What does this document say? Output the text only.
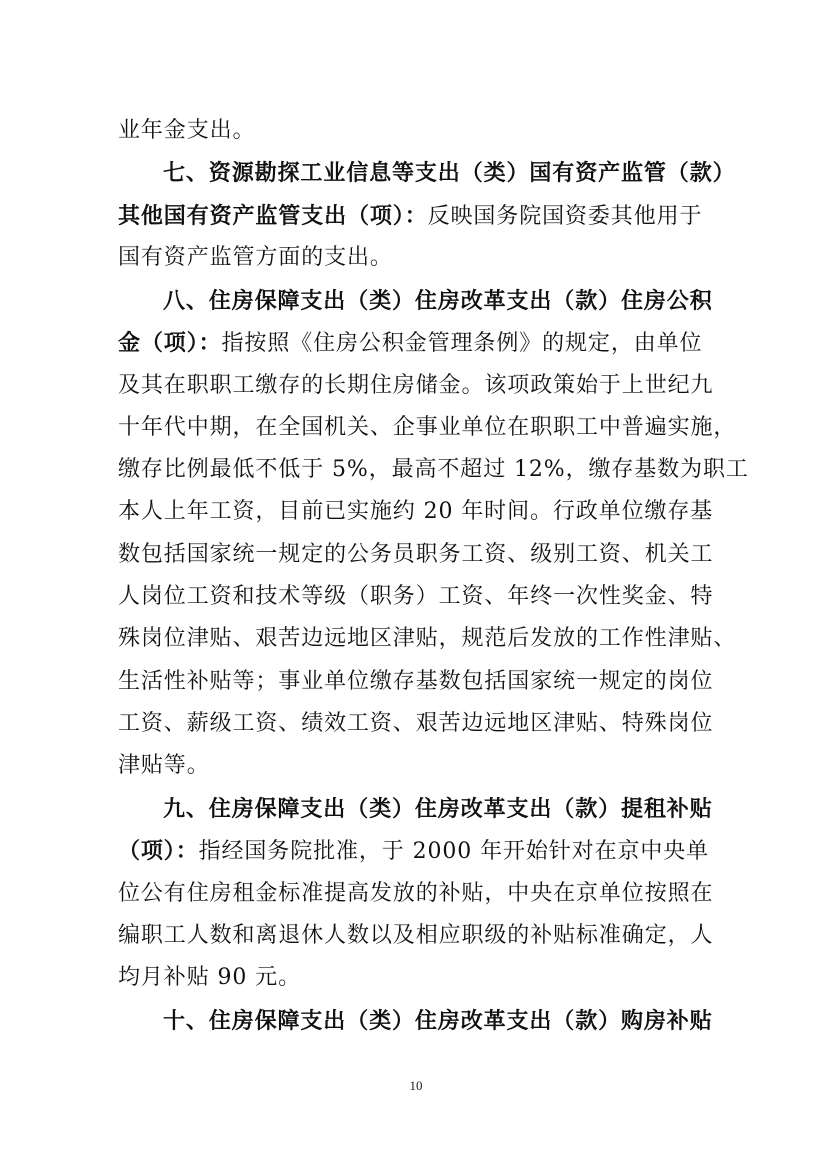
业年金支出。
七、资源勘探工业信息等支出（类）国有资产监管（款）
其他国有资产监管支出（项）：反映国务院国资委其他用于
国有资产监管方面的支出。
八、住房保障支出（类）住房改革支出（款）住房公积
金（项）：指按照《住房公积金管理条例》的规定，由单位
及其在职职工缴存的长期住房储金。该项政策始于上世纪九
十年代中期，在全国机关、企事业单位在职职工中普遍实施，
缴存比例最低不低于 5%，最高不超过 12%，缴存基数为职工
本人上年工资，目前已实施约 20 年时间。行政单位缴存基
数包括国家统一规定的公务员职务工资、级别工资、机关工
人岗位工资和技术等级（职务）工资、年终一次性奖金、特
殊岗位津贴、艰苦边远地区津贴，规范后发放的工作性津贴、
生活性补贴等；事业单位缴存基数包括国家统一规定的岗位
工资、薪级工资、绩效工资、艰苦边远地区津贴、特殊岗位
津贴等。
九、住房保障支出（类）住房改革支出（款）提租补贴
（项）：指经国务院批准，于 2000 年开始针对在京中央单
位公有住房租金标准提高发放的补贴，中央在京单位按照在
编职工人数和离退休人数以及相应职级的补贴标准确定，人
均月补贴 90 元。
十、住房保障支出（类）住房改革支出（款）购房补贴
10
